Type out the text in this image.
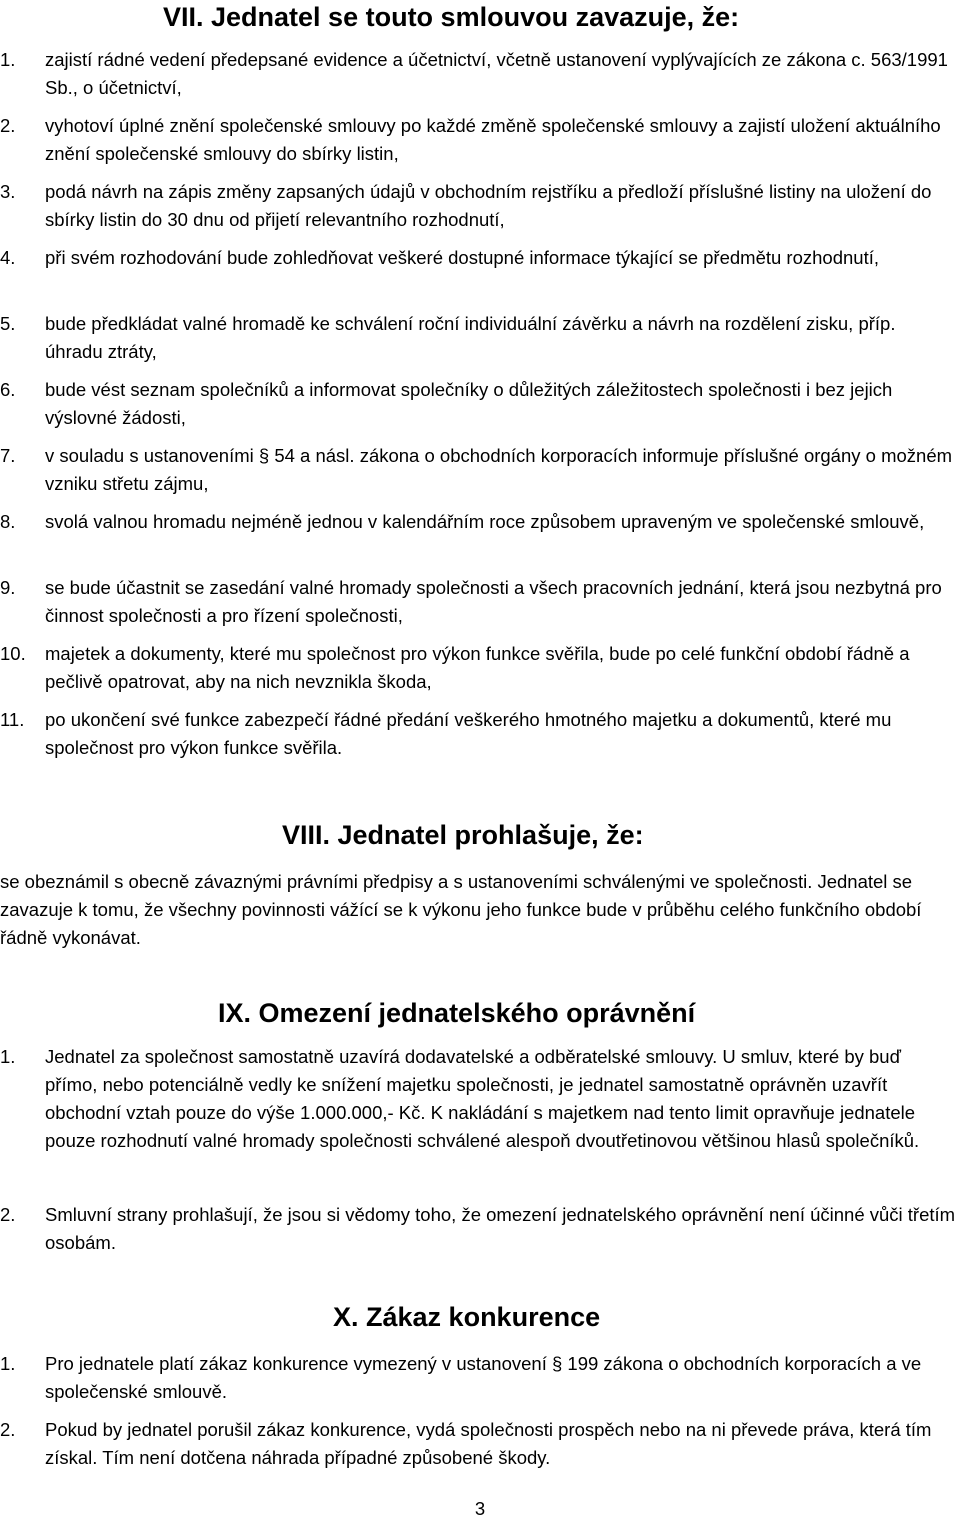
VII. Jednatel se touto smlouvou zavazuje, že:
1. zajistí rádné vedení předepsané evidence a účetnictví, včetně ustanovení vyplývajících ze zákona c. 563/1991 Sb., o účetnictví,
2. vyhotoví úplné znění společenské smlouvy po každé změně společenské smlouvy a zajistí uložení aktuálního znění společenské smlouvy do sbírky listin,
3. podá návrh na zápis změny zapsaných údajů v obchodním rejstříku a předloží příslušné listiny na uložení do sbírky listin do 30 dnu od přijetí relevantního rozhodnutí,
4. při svém rozhodování bude zohledňovat veškeré dostupné informace týkající se předmětu rozhodnutí,
5. bude předkládat valné hromadě ke schválení roční individuální závěrku a návrh na rozdělení zisku, příp. úhradu ztráty,
6. bude vést seznam společníků a informovat společníky o důležitých záležitostech společnosti i bez jejich výslovné žádosti,
7. v souladu s ustanoveními § 54 a násl. zákona o obchodních korporacích informuje příslušné orgány o možném vzniku střetu zájmu,
8. svolá valnou hromadu nejméně jednou v kalendářním roce způsobem upraveným ve společenské smlouvě,
9. se bude účastnit se zasedání valné hromady společnosti a všech pracovních jednání, která jsou nezbytná pro činnost společnosti a pro řízení společnosti,
10. majetek a dokumenty, které mu společnost pro výkon funkce svěřila, bude po celé funkční období řádně a pečlivě opatrovat, aby na nich nevznikla škoda,
11. po ukončení své funkce zabezpečí řádné předání veškerého hmotného majetku a dokumentů, které mu společnost pro výkon funkce svěřila.
VIII. Jednatel prohlašuje, že:

se obeznámil s obecně závaznými právními předpisy a s ustanoveními schválenými ve společnosti. Jednatel se zavazuje k tomu, že všechny povinnosti vážící se k výkonu jeho funkce bude v průběhu celého funkčního období řádně vykonávat.

IX. Omezení jednatelského oprávnění
1. Jednatel za společnost samostatně uzavírá dodavatelské a odběratelské smlouvy. U smluv, které by buď přímo, nebo potenciálně vedly ke snížení majetku společnosti, je jednatel samostatně oprávněn uzavřít obchodní vztah pouze do výše 1.000.000,- Kč. K nakládání s majetkem nad tento limit opravňuje jednatele pouze rozhodnutí valné hromady společnosti schválené alespoň dvoutřetinovou většinou hlasů společníků.
2. Smluvní strany prohlašují, že jsou si vědomy toho, že omezení jednatelského oprávnění není účinné vůči třetím osobám.
X. Zákaz konkurence
1. Pro jednatele platí zákaz konkurence vymezený v ustanovení § 199 zákona o obchodních korporacích a ve společenské smlouvě.
2. Pokud by jednatel porušil zákaz konkurence, vydá společnosti prospěch nebo na ni převede práva, která tím získal. Tím není dotčena náhrada případné způsobené škody.
3
